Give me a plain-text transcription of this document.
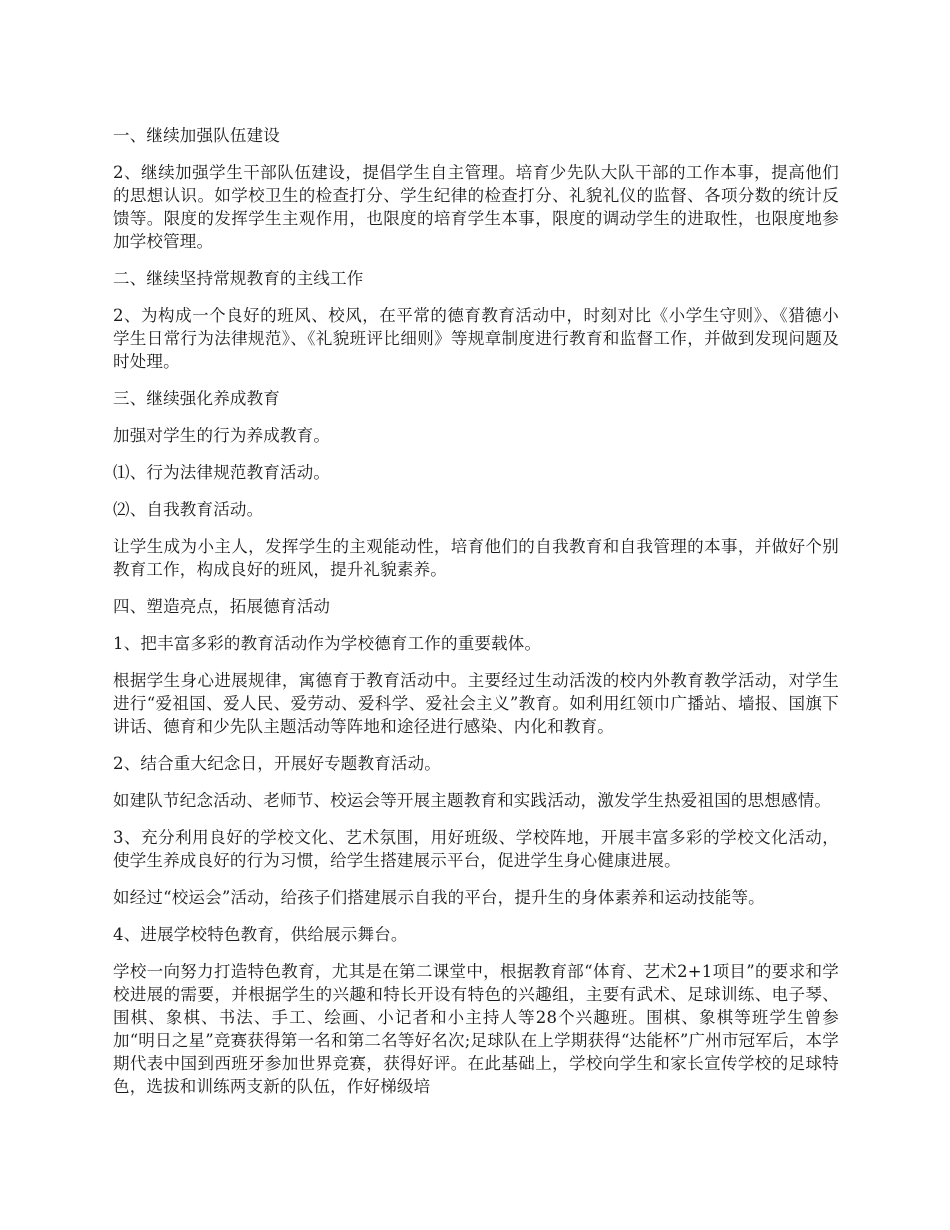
一、继续加强队伍建设

2、继续加强学生干部队伍建设，提倡学生自主管理。培育少先队大队干部的工作本事，提高他们的思想认识。如学校卫生的检查打分、学生纪律的检查打分、礼貌礼仪的监督、各项分数的统计反馈等。限度的发挥学生主观作用，也限度的培育学生本事，限度的调动学生的进取性，也限度地参加学校管理。

二、继续坚持常规教育的主线工作

2、为构成一个良好的班风、校风，在平常的德育教育活动中，时刻对比《小学生守则》、《猎德小学生日常行为法律规范》、《礼貌班评比细则》等规章制度进行教育和监督工作，并做到发现问题及时处理。

三、继续强化养成教育

加强对学生的行为养成教育。

⑴、行为法律规范教育活动。

⑵、自我教育活动。

让学生成为小主人，发挥学生的主观能动性，培育他们的自我教育和自我管理的本事，并做好个别教育工作，构成良好的班风，提升礼貌素养。

四、塑造亮点，拓展德育活动

1、把丰富多彩的教育活动作为学校德育工作的重要载体。

根据学生身心进展规律，寓德育于教育活动中。主要经过生动活泼的校内外教育教学活动，对学生进行“爱祖国、爱人民、爱劳动、爱科学、爱社会主义”教育。如利用红领巾广播站、墙报、国旗下讲话、德育和少先队主题活动等阵地和途径进行感染、内化和教育。

2、结合重大纪念日，开展好专题教育活动。

如建队节纪念活动、老师节、校运会等开展主题教育和实践活动，激发学生热爱祖国的思想感情。

3、充分利用良好的学校文化、艺术氛围，用好班级、学校阵地，开展丰富多彩的学校文化活动，使学生养成良好的行为习惯，给学生搭建展示平台，促进学生身心健康进展。

如经过“校运会”活动，给孩子们搭建展示自我的平台，提升生的身体素养和运动技能等。

4、进展学校特色教育，供给展示舞台。

学校一向努力打造特色教育，尤其是在第二课堂中，根据教育部“体育、艺术2+1项目”的要求和学校进展的需要，并根据学生的兴趣和特长开设有特色的兴趣组，主要有武术、足球训练、电子琴、围棋、象棋、书法、手工、绘画、小记者和小主持人等28个兴趣班。围棋、象棋等班学生曾参加“明日之星”竞赛获得第一名和第二名等好名次;足球队在上学期获得“达能杯”广州市冠军后，本学期代表中国到西班牙参加世界竞赛，获得好评。在此基础上，学校向学生和家长宣传学校的足球特色，选拔和训练两支新的队伍，作好梯级培
